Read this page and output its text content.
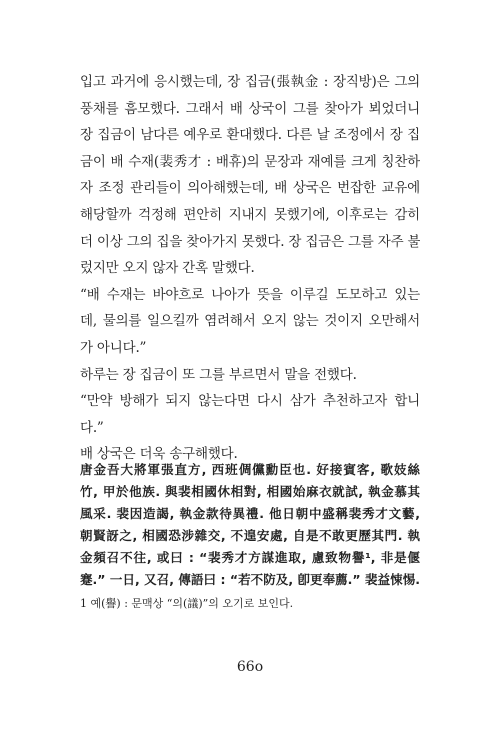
입고 과거에 응시했는데, 장 집금(張執金 : 장직방)은 그의
풍채를 흠모했다. 그래서 배 상국이 그를 찾아가 뵈었더니
장 집금이 남다른 예우로 환대했다. 다른 날 조정에서 장 집
금이 배 수재(裴秀才 : 배휴)의 문장과 재예를 크게 칭찬하
자 조정 관리들이 의아해했는데, 배 상국은 번잡한 교유에
해당할까 걱정해 편안히 지내지 못했기에, 이후로는 감히
더 이상 그의 집을 찾아가지 못했다. 장 집금은 그를 자주 불
렀지만 오지 않자 간혹 말했다.
“배 수재는 바야흐로 나아가 뜻을 이루길 도모하고 있는
데, 물의를 일으킬까 염려해서 오지 않는 것이지 오만해서
가 아니다.”
하루는 장 집금이 또 그를 부르면서 말을 전했다.
“만약 방해가 되지 않는다면 다시 삼가 추천하고자 합니
다.”
배 상국은 더욱 송구해했다.
唐金吾大將軍張直方, 西班倜儻勳臣也. 好接賓客, 歌妓絲
竹, 甲於他族. 與裴相國休相對, 相國始麻衣就試, 執金慕其
風采. 裴因造謁, 執金款待異禮. 他日朝中盛稱裴秀才文藝,
朝賢訝之, 相國恐涉雜交, 不遑安處, 自是不敢更歷其門. 執
金頻召不往, 或曰 : “裴秀才方謀進取, 慮致物譽¹, 非是偃
蹇.” 一日, 又召, 傳語曰 : “若不防及, 卽更奉薦.” 裴益悚惕.
1 예(譽) : 문맥상 “의(議)”의 오기로 보인다.
66o
